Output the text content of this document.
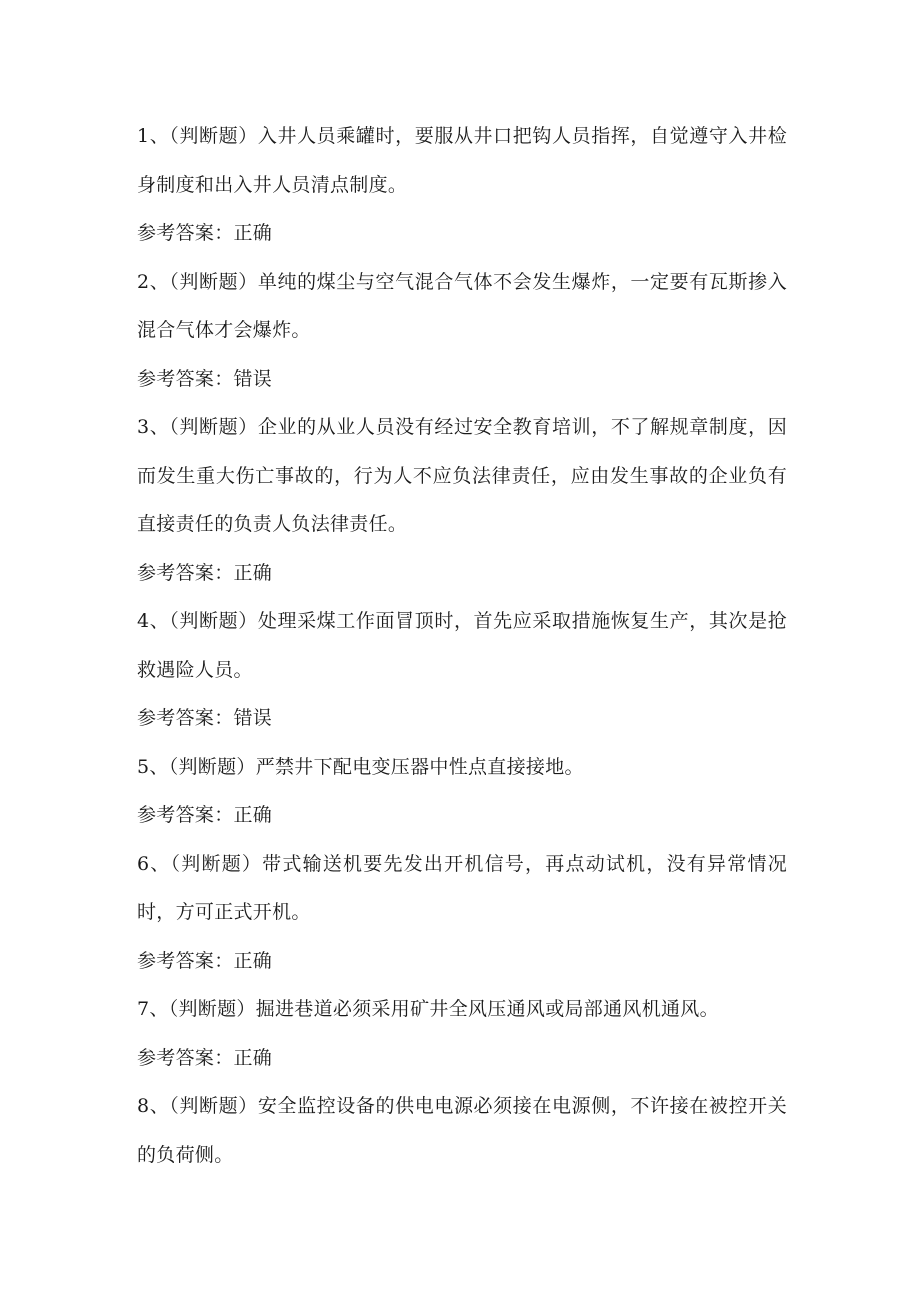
1、（判断题）入井人员乘罐时，要服从井口把钩人员指挥，自觉遵守入井检身制度和出入井人员清点制度。

参考答案：正确

2、（判断题）单纯的煤尘与空气混合气体不会发生爆炸，一定要有瓦斯掺入混合气体才会爆炸。

参考答案：错误

3、（判断题）企业的从业人员没有经过安全教育培训，不了解规章制度，因而发生重大伤亡事故的，行为人不应负法律责任，应由发生事故的企业负有直接责任的负责人负法律责任。

参考答案：正确

4、（判断题）处理采煤工作面冒顶时，首先应采取措施恢复生产，其次是抢救遇险人员。

参考答案：错误

5、（判断题）严禁井下配电变压器中性点直接接地。

参考答案：正确

6、（判断题）带式输送机要先发出开机信号，再点动试机，没有异常情况时，方可正式开机。

参考答案：正确

7、（判断题）掘进巷道必须采用矿井全风压通风或局部通风机通风。

参考答案：正确

8、（判断题）安全监控设备的供电电源必须接在电源侧，不许接在被控开关的负荷侧。
